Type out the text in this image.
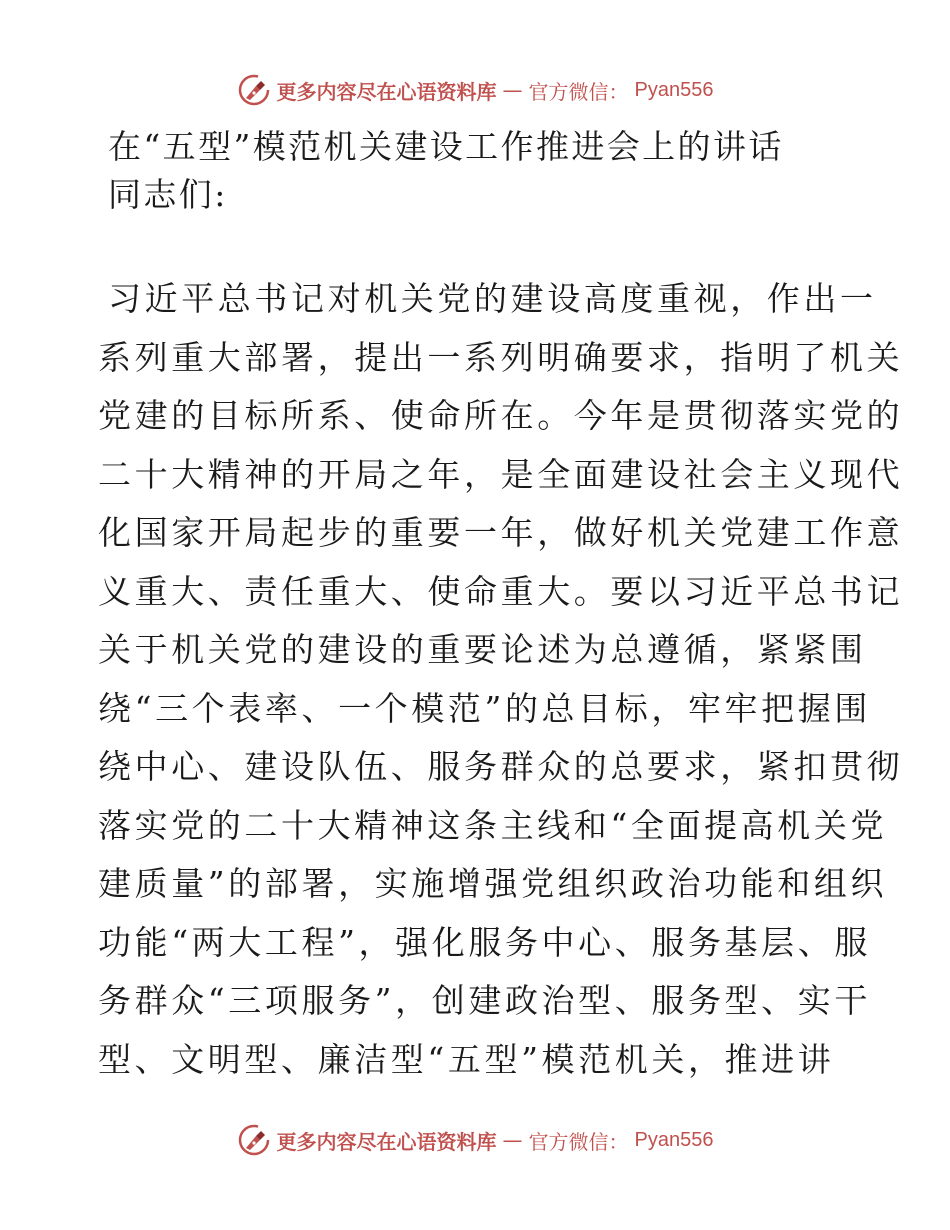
更多内容尽在心语资料库 — 官方微信： Pyan556
在“五型”模范机关建设工作推进会上的讲话
同志们:
习近平总书记对机关党的建设高度重视，作出一
系列重大部署，提出一系列明确要求，指明了机关
党建的目标所系、使命所在。今年是贯彻落实党的
二十大精神的开局之年，是全面建设社会主义现代
化国家开局起步的重要一年，做好机关党建工作意
义重大、责任重大、使命重大。要以习近平总书记
关于机关党的建设的重要论述为总遵循，紧紧围
绕“三个表率、一个模范”的总目标，牢牢把握围
绕中心、建设队伍、服务群众的总要求，紧扣贯彻
落实党的二十大精神这条主线和“全面提高机关党
建质量”的部署，实施增强党组织政治功能和组织
功能“两大工程”，强化服务中心、服务基层、服
务群众“三项服务”，创建政治型、服务型、实干
型、文明型、廉洁型“五型”模范机关，推进讲
更多内容尽在心语资料库 — 官方微信： Pyan556
